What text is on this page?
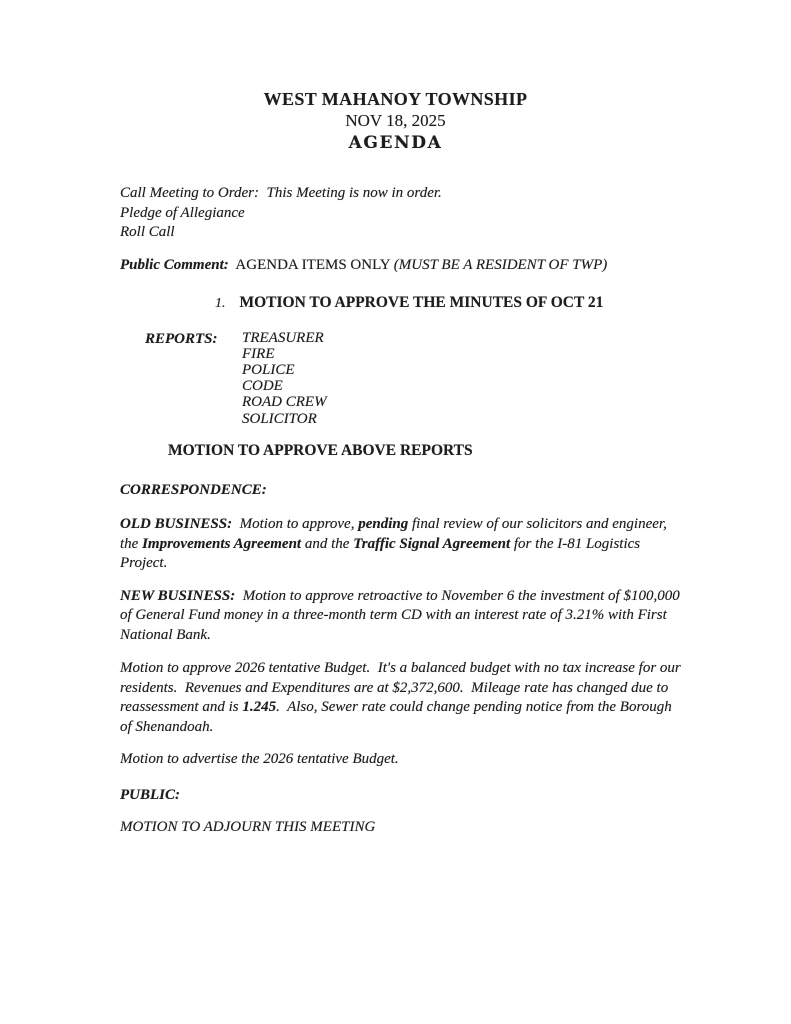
WEST MAHANOY TOWNSHIP
NOV 18, 2025
AGENDA
Call Meeting to Order:  This Meeting is now in order.
Pledge of Allegiance
Roll Call
Public Comment:  AGENDA ITEMS ONLY (MUST BE A RESIDENT OF TWP)
1. MOTION TO APPROVE THE MINUTES OF OCT 21
REPORTS:	TREASURER
FIRE
POLICE
CODE
ROAD CREW
SOLICITOR
MOTION TO APPROVE ABOVE REPORTS
CORRESPONDENCE:
OLD BUSINESS:  Motion to approve, pending final review of our solicitors and engineer, the Improvements Agreement and the Traffic Signal Agreement for the I-81 Logistics Project.
NEW BUSINESS:  Motion to approve retroactive to November 6 the investment of $100,000 of General Fund money in a three-month term CD with an interest rate of 3.21% with First National Bank.
Motion to approve 2026 tentative Budget.  It's a balanced budget with no tax increase for our residents.  Revenues and Expenditures are at $2,372,600.  Mileage rate has changed due to reassessment and is 1.245.  Also, Sewer rate could change pending notice from the Borough of Shenandoah.
Motion to advertise the 2026 tentative Budget.
PUBLIC:
MOTION TO ADJOURN THIS MEETING
